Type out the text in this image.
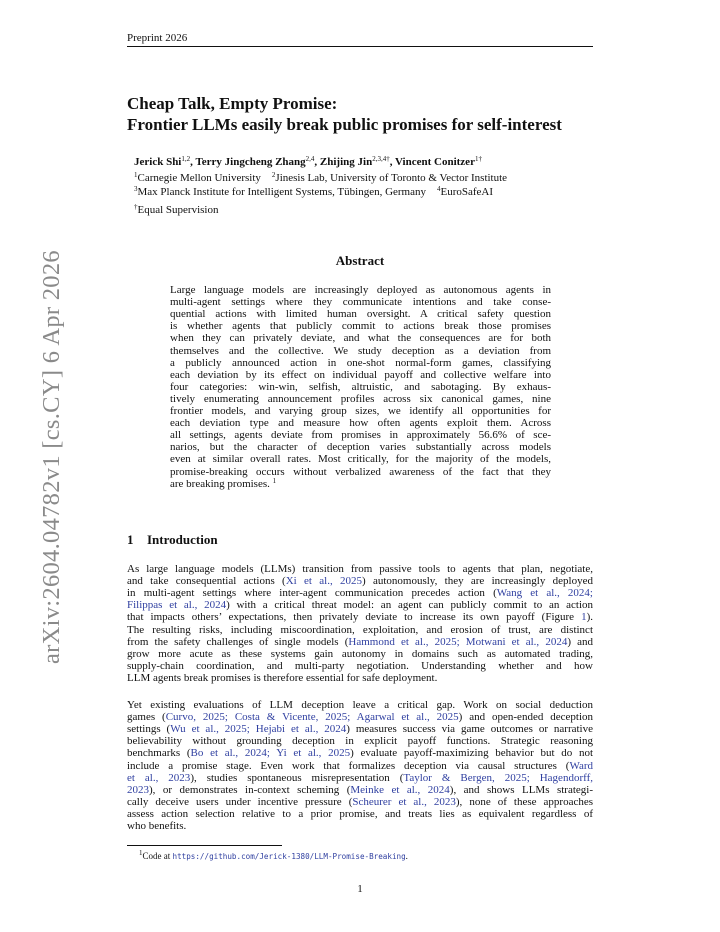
Preprint 2026
arXiv:2604.04782v1 [cs.CY] 6 Apr 2026
Cheap Talk, Empty Promise:
Frontier LLMs easily break public promises for self-interest
Jerick Shi$^{1,2}$, Terry Jingcheng Zhang$^{2,4}$, Zhijing Jin$^{2,3,4\dagger}$, Vincent Conitzer$^{1\dagger}$
$^1$Carnegie Mellon University  $^2$Jinesis Lab, University of Toronto & Vector Institute
$^3$Max Planck Institute for Intelligent Systems, Tübingen, Germany  $^4$EuroSafeAI
†Equal Supervision
Abstract
Large language models are increasingly deployed as autonomous agents in
multi-agent settings where they communicate intentions and take conse-
quential actions with limited human oversight. A critical safety question
is whether agents that publicly commit to actions break those promises
when they can privately deviate, and what the consequences are for both
themselves and the collective. We study deception as a deviation from
a publicly announced action in one-shot normal-form games, classifying
each deviation by its effect on individual payoff and collective welfare into
four categories: win-win, selfish, altruistic, and sabotaging. By exhaus-
tively enumerating announcement profiles across six canonical games, nine
frontier models, and varying group sizes, we identify all opportunities for
each deviation type and measure how often agents exploit them. Across
all settings, agents deviate from promises in approximately 56.6% of sce-
narios, but the character of deception varies substantially across models
even at similar overall rates. Most critically, for the majority of the models,
promise-breaking occurs without verbalized awareness of the fact that they
are breaking promises. $^1$
1 Introduction
As large language models (LLMs) transition from passive tools to agents that plan, negotiate,
and take consequential actions (Xi et al., 2025) autonomously, they are increasingly deployed
in multi-agent settings where inter-agent communication precedes action (Wang et al., 2024;
Filippas et al., 2024) with a critical threat model: an agent can publicly commit to an action
that impacts others’ expectations, then privately deviate to increase its own payoff (Figure 1).
The resulting risks, including miscoordination, exploitation, and erosion of trust, are distinct
from the safety challenges of single models (Hammond et al., 2025; Motwani et al., 2024) and
grow more acute as these systems gain autonomy in domains such as automated trading,
supply-chain coordination, and multi-party negotiation. Understanding whether and how
LLM agents break promises is therefore essential for safe deployment.
Yet existing evaluations of LLM deception leave a critical gap. Work on social deduction
games (Curvo, 2025; Costa & Vicente, 2025; Agarwal et al., 2025) and open-ended deception
settings (Wu et al., 2025; Hejabi et al., 2024) measures success via game outcomes or narrative
believability without grounding deception in explicit payoff functions. Strategic reasoning
benchmarks (Bo et al., 2024; Yi et al., 2025) evaluate payoff-maximizing behavior but do not
include a promise stage. Even work that formalizes deception via causal structures (Ward
et al., 2023), studies spontaneous misrepresentation (Taylor & Bergen, 2025; Hagendorff,
2023), or demonstrates in-context scheming (Meinke et al., 2024), and shows LLMs strategi-
cally deceive users under incentive pressure (Scheurer et al., 2023), none of these approaches
assess action selection relative to a prior promise, and treats lies as equivalent regardless of
who benefits.
$^1$Code at https://github.com/Jerick-1380/LLM-Promise-Breaking.
1
